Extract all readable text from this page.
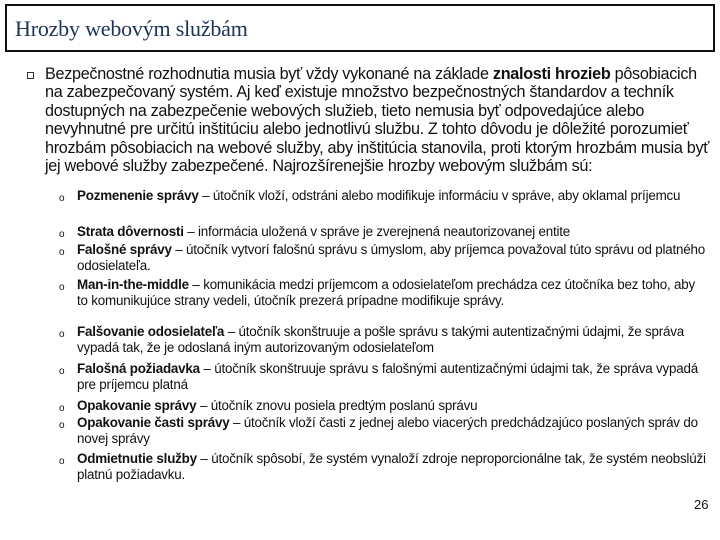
Hrozby webovým službám
Bezpečnostné rozhodnutia musia byť vždy vykonané na základe znalosti hrozieb pôsobiacich na zabezpečovaný systém. Aj keď existuje množstvo bezpečnostných štandardov a techník dostupných na zabezpečenie webových služieb, tieto nemusia byť odpovedajúce alebo nevyhnutné pre určitú inštitúciu alebo jednotlivú službu. Z tohto dôvodu je dôležité porozumieť hrozbám pôsobiacich na webové služby, aby inštitúcia stanovila, proti ktorým hrozbám musia byť jej webové služby zabezpečené. Najrozšírenejšie hrozby webovým službám sú:
o Pozmenenie správy – útočník vloží, odstráni alebo modifikuje informáciu v správe, aby oklamal príjemcu
o Strata dôvernosti – informácia uložená v správe je zverejnená neautorizovanej entite
o Falošné správy – útočník vytvorí falošnú správu s úmyslom, aby príjemca považoval túto správu od platného odosielateľa.
o Man-in-the-middle – komunikácia medzi príjemcom a odosielateľom prechádza cez útočníka bez toho, aby to komunikujúce strany vedeli, útočník prezerá prípadne modifikuje správy.
o Falšovanie odosielateľa – útočník skonštruuje a pošle správu s takými autentizačnými údajmi, že správa vypadá tak, že je odoslaná iným autorizovaným odosielateľom
o Falošná požiadavka – útočník skonštruuje správu s falošnými autentizačnými údajmi tak, že správa vypadá pre príjemcu platná
o Opakovanie správy – útočník znovu posiela predtým poslanú správu
o Opakovanie časti správy – útočník vloží časti z jednej alebo viacerých predchádzajúco poslaných správ do novej správy
o Odmietnutie služby – útočník spôsobí, že systém vynaloží zdroje neproporcionálne tak, že systém neobslúži platnú požiadavku.
26
